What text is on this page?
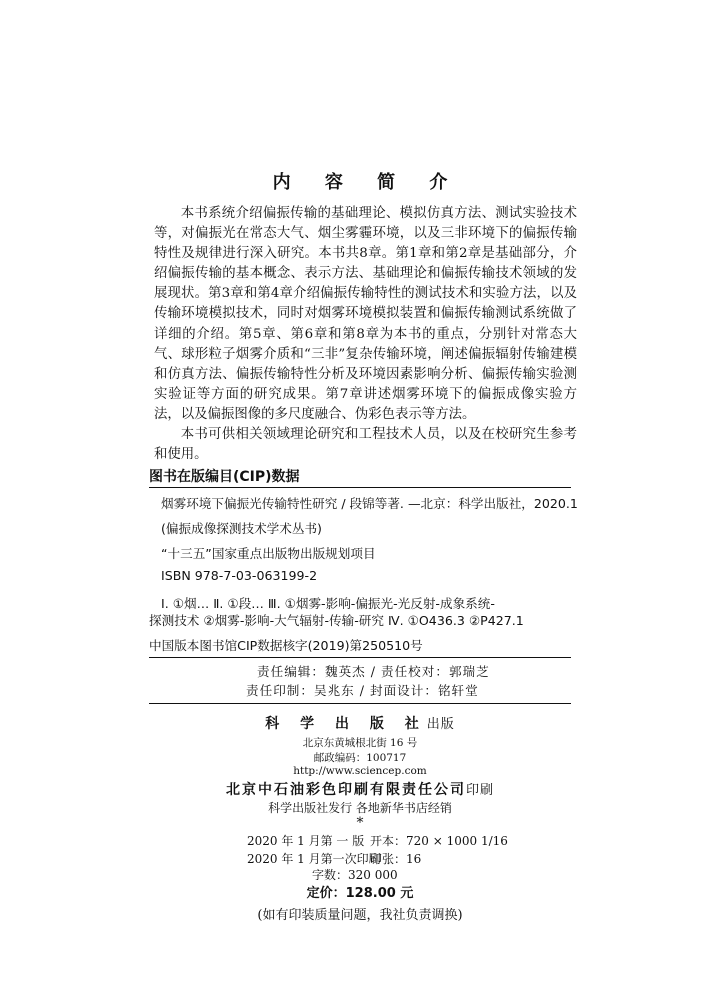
内 容 简 介

本书系统介绍偏振传输的基础理论、模拟仿真方法、测试实验技术等，对偏振光在常态大气、烟尘雾霾环境，以及三非环境下的偏振传输特性及规律进行深入研究。本书共8章。第1章和第2章是基础部分，介绍偏振传输的基本概念、表示方法、基础理论和偏振传输技术领域的发展现状。第3章和第4章介绍偏振传输特性的测试技术和实验方法，以及传输环境模拟技术，同时对烟雾环境模拟装置和偏振传输测试系统做了详细的介绍。第5章、第6章和第8章为本书的重点，分别针对常态大气、球形粒子烟雾介质和“三非”复杂传输环境，阐述偏振辐射传输建模和仿真方法、偏振传输特性分析及环境因素影响分析、偏振传输实验测实验证等方面的研究成果。第7章讲述烟雾环境下的偏振成像实验方法，以及偏振图像的多尺度融合、伪彩色表示等方法。

本书可供相关领域理论研究和工程技术人员，以及在校研究生参考和使用。

图书在版编目(CIP)数据
烟雾环境下偏振光传输特性研究 / 段锦等著. —北京：科学出版社，2020.1
(偏振成像探测技术学术丛书)
“十三五”国家重点出版物出版规划项目
ISBN 978-7-03-063199-2
Ⅰ. ①烟… Ⅱ. ①段… Ⅲ. ①烟雾-影响-偏振光-光反射-成象系统-
探测技术 ②烟雾-影响-大气辐射-传输-研究 Ⅳ. ①O436.3 ②P427.1
中国版本图书馆CIP数据核字(2019)第250510号
责任编辑：魏英杰 / 责任校对：郭瑞芝
责任印制：吴兆东 / 封面设计：铭轩堂
科 学 出 版 社出版
北京东黄城根北街 16 号
邮政编码：100717
http://www.sciencep.com
北京中石油彩色印刷有限责任公司印刷
科学出版社发行 各地新华书店经销
*
2020 年 1 月第 一 版 开本：720 × 1000 1/16
2020 年 1 月第一次印刷
印张：16
字数：320 000
定价：128.00 元
(如有印装质量问题，我社负责调换)
